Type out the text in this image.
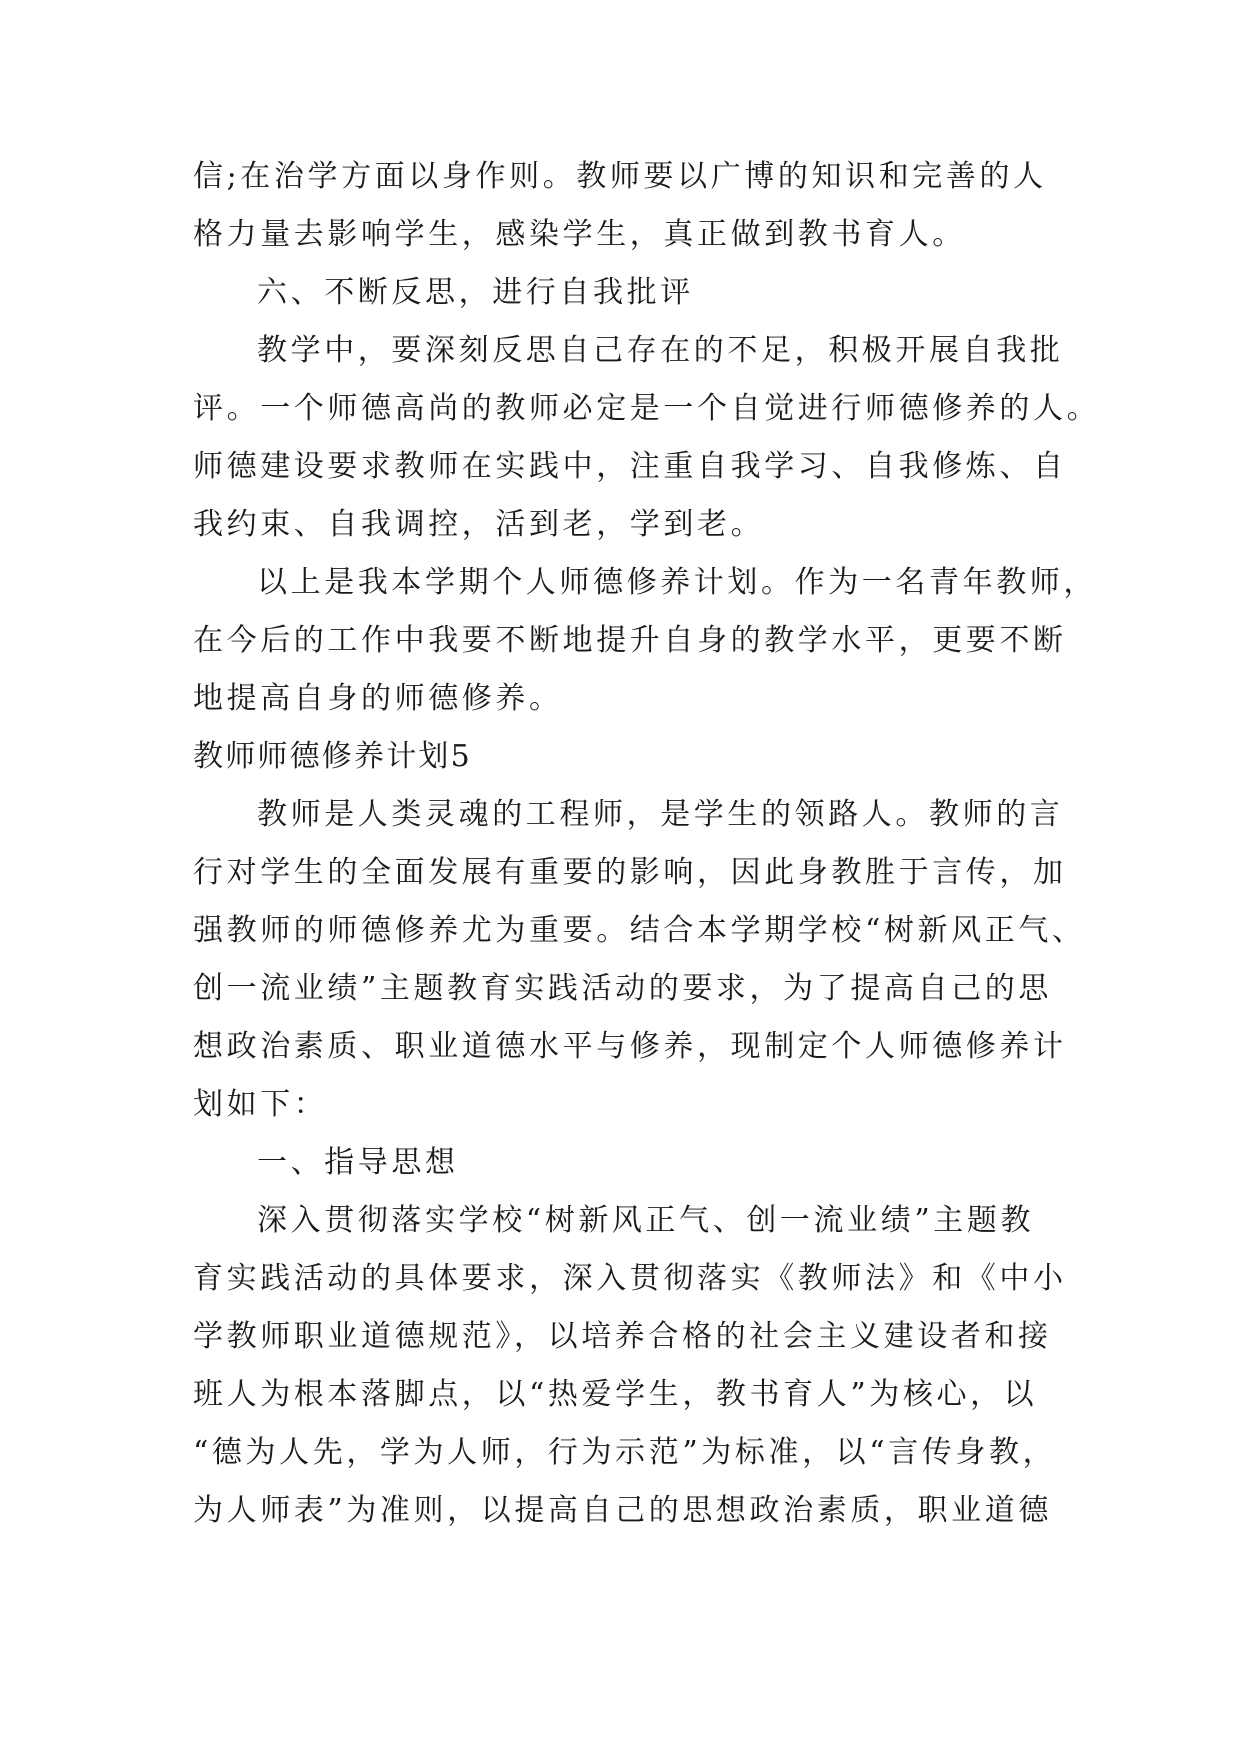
信;在治学方面以身作则。教师要以广博的知识和完善的人

格力量去影响学生，感染学生，真正做到教书育人。

六、不断反思，进行自我批评

教学中，要深刻反思自己存在的不足，积极开展自我批

评。一个师德高尚的教师必定是一个自觉进行师德修养的人。

师德建设要求教师在实践中，注重自我学习、自我修炼、自

我约束、自我调控，活到老，学到老。

以上是我本学期个人师德修养计划。作为一名青年教师，

在今后的工作中我要不断地提升自身的教学水平，更要不断

地提高自身的师德修养。

教师师德修养计划5

教师是人类灵魂的工程师，是学生的领路人。教师的言

行对学生的全面发展有重要的影响，因此身教胜于言传，加

强教师的师德修养尤为重要。结合本学期学校“树新风正气、

创一流业绩”主题教育实践活动的要求，为了提高自己的思

想政治素质、职业道德水平与修养，现制定个人师德修养计

划如下：

一、指导思想

深入贯彻落实学校“树新风正气、创一流业绩”主题教

育实践活动的具体要求，深入贯彻落实《教师法》和《中小

学教师职业道德规范》，以培养合格的社会主义建设者和接

班人为根本落脚点，以“热爱学生，教书育人”为核心，以

“德为人先，学为人师，行为示范”为标准，以“言传身教，

为人师表”为准则，以提高自己的思想政治素质，职业道德
